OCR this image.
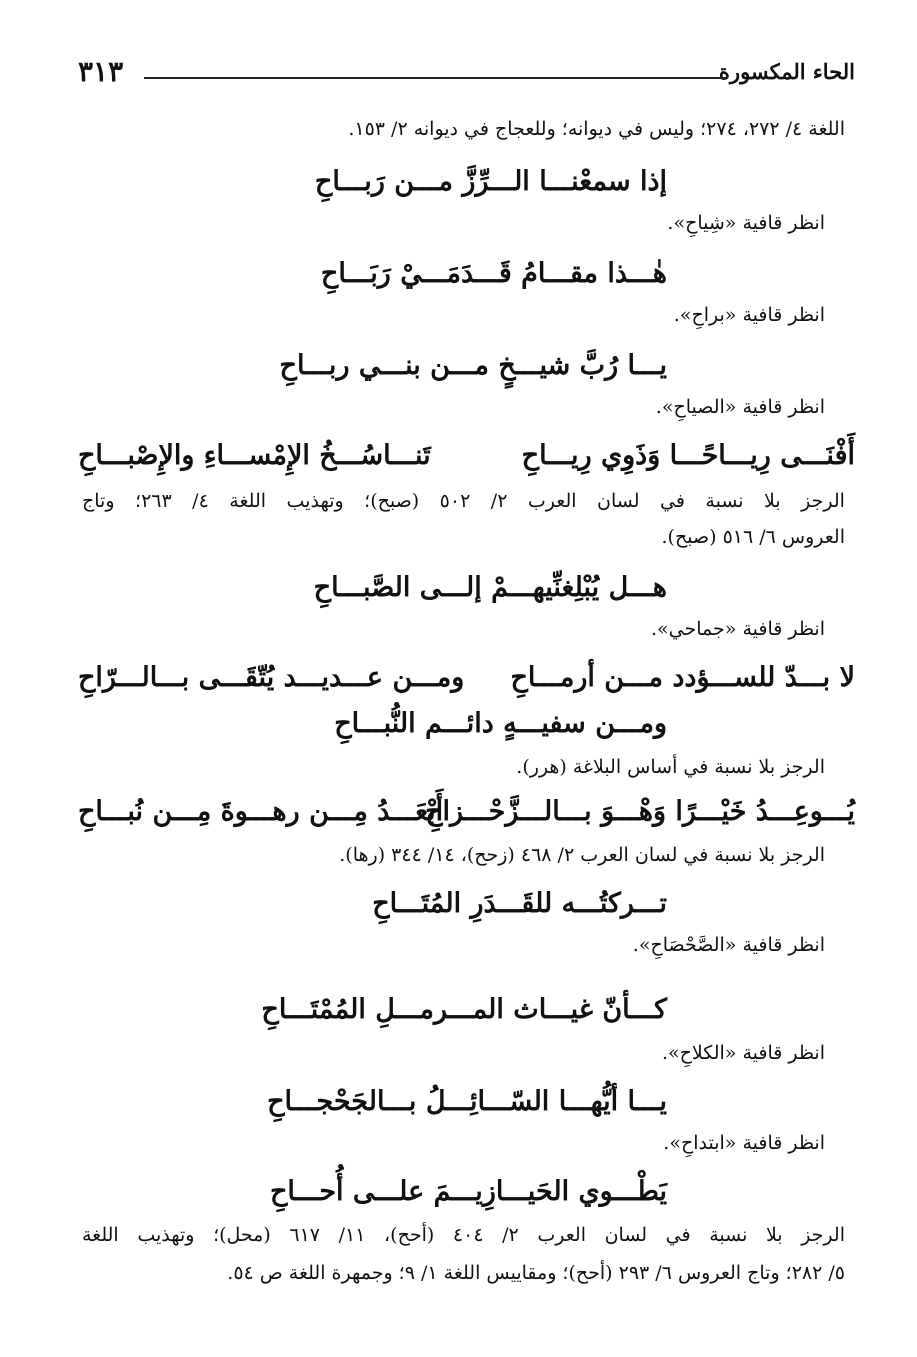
الحاء المكسورة
٣١٣
اللغة ٤/ ٢٧٢، ٢٧٤؛ وليس في ديوانه؛ وللعجاج في ديوانه ٢/ ١٥٣.
إذا سمعْنـــا الـــرِّزَّ مـــن رَبـــاحِ
انظر قافية «شِياحِ».
هٰـــذا مقـــامُ قَـــدَمَـــيْ رَبَـــاحِ
انظر قافية «براحِ».
يـــا رُبَّ شيـــخٍ مـــن بنـــي ربـــاحِ
انظر قافية «الصياحِ».
أَفْنَـــى رِيـــاحًـــا وَذَوِي رِيـــاحِ
تَنـــاسُـــخُ الإِمْســـاءِ والإِصْبـــاحِ
الرجز بلا نسبة في لسان العرب ٢/ ٥٠٢ (صبح)؛ وتهذيب اللغة ٤/ ٢٦٣؛ وتاج
العروس ٦/ ٥١٦ (صبح).
هـــل يُبْلِغنِّيهـــمْ إلـــى الصَّبـــاحِ
انظر قافية «جماحي».
لا بـــدّ للســـؤدد مـــن أرمـــاحِ
ومـــن عـــديـــد يُتّقَـــى بـــالـــرّاحِ
ومـــن سفيـــهٍ دائـــم النُّبـــاحِ
الرجز بلا نسبة في أساس البلاغة (هرر).
يُـــوعِـــدُ خَيْـــرًا وَهْـــوَ بـــالـــزَّحْـــزاحِ
أَبْعَـــدُ مِـــن رهـــوةَ مِـــن نُبـــاحِ
الرجز بلا نسبة في لسان العرب ٢/ ٤٦٨ (زحح)، ١٤/ ٣٤٤ (رها).
تـــركتُـــه للقَـــدَرِ المُتَـــاحِ
انظر قافية «الصَّحْصَاحِ».
كـــأنّ غيـــاث المـــرمـــلِ المُمْتَـــاحِ
انظر قافية «الكلاحِ».
يـــا أيُّهـــا السّـــائِـــلُ بـــالجَحْجـــاحِ
انظر قافية «ابتداحِ».
يَطْـــوي الحَيـــازِيـــمَ علـــى أُحـــاحِ
الرجز بلا نسبة في لسان العرب ٢/ ٤٠٤ (أحح)، ١١/ ٦١٧ (محل)؛ وتهذيب اللغة
٥/ ٢٨٢؛ وتاج العروس ٦/ ٢٩٣ (أحح)؛ ومقاييس اللغة ١/ ٩؛ وجمهرة اللغة ص ٥٤.
